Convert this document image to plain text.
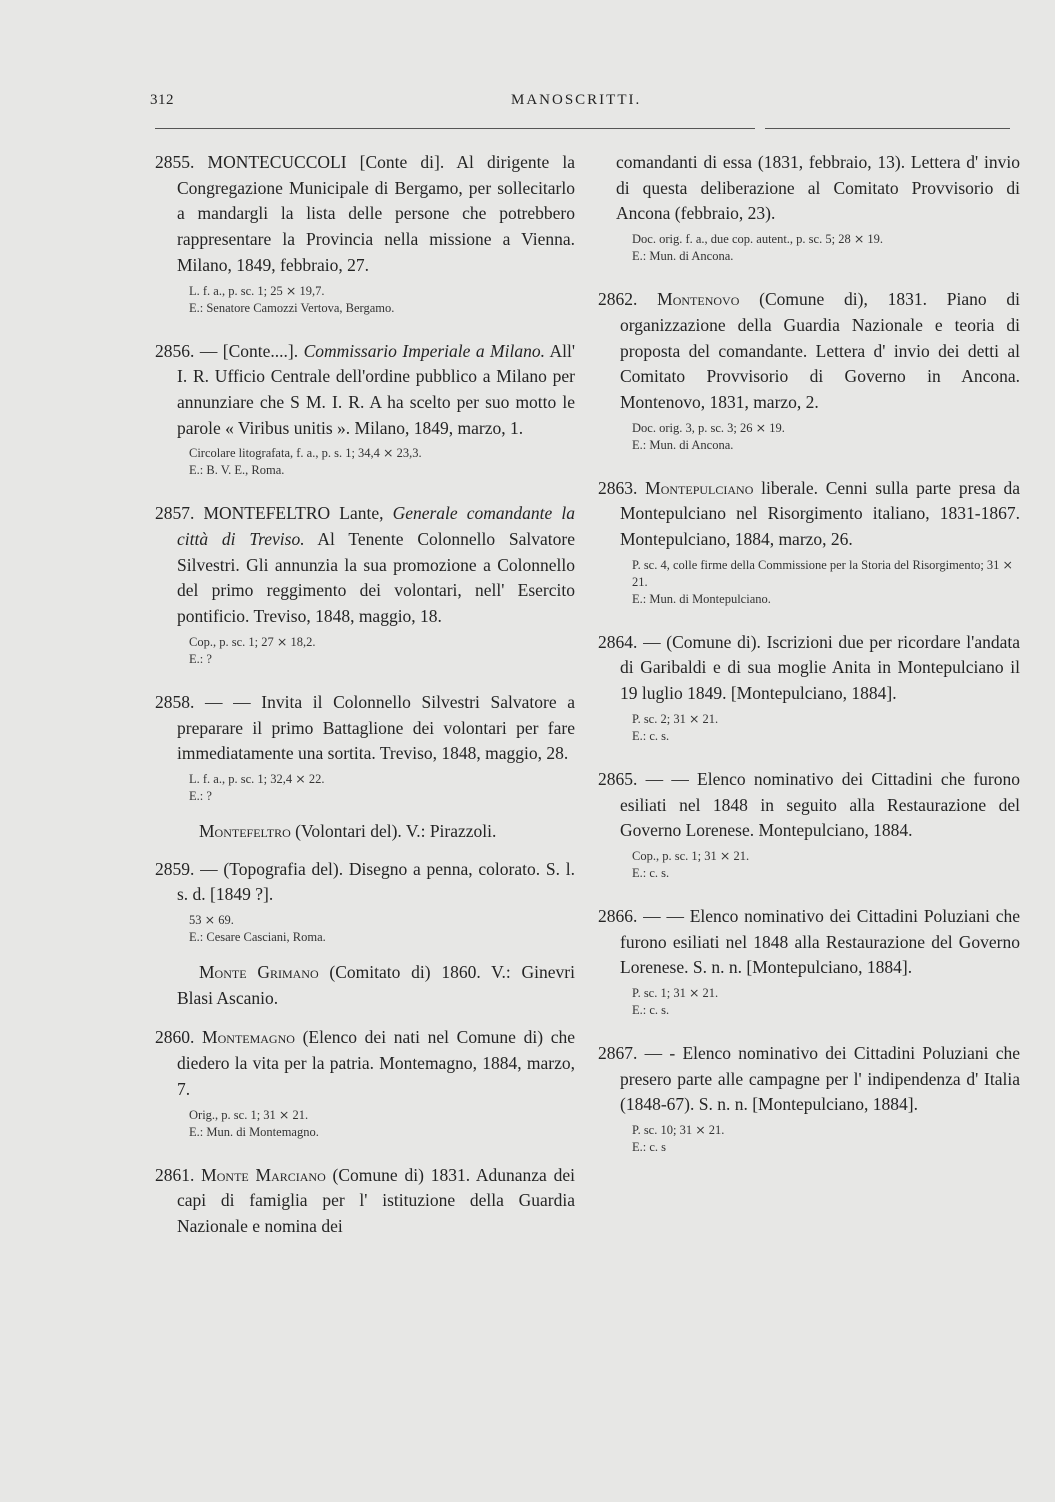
312	MANOSCRITTI.
2855. MONTECUCCOLI [Conte di]. Al dirigente la Congregazione Municipale di Bergamo, per sollecitarlo a mandargli la lista delle persone che potrebbero rappresentare la Provincia nella missione a Vienna. Milano, 1849, febbraio, 27.
L. f. a., p. sc. 1; 25 ⨯ 19,7.
E.: Senatore Camozzi Vertova, Bergamo.
2856. — [Conte....]. Commissario Imperiale a Milano. All' I. R. Ufficio Centrale dell'ordine pubblico a Milano per annunziare che S M. I. R. A ha scelto per suo motto le parole « Viribus unitis ». Milano, 1849, marzo, 1.
Circolare litografata, f. a., p. s. 1; 34,4 ⨯ 23,3.
E.: B. V. E., Roma.
2857. MONTEFELTRO Lante, Generale comandante la città di Treviso. Al Tenente Colonnello Salvatore Silvestri. Gli annunzia la sua promozione a Colonnello del primo reggimento dei volontari, nell' Esercito pontificio. Treviso, 1848, maggio, 18.
Cop., p. sc. 1; 27 ⨯ 18,2.
E.: ?
2858. — — Invita il Colonnello Silvestri Salvatore a preparare il primo Battaglione dei volontari per fare immediatamente una sortita. Treviso, 1848, maggio, 28.
L. f. a., p. sc. 1; 32,4 ⨯ 22.
E.: ?
Montefeltro (Volontari del). V.: Pirazzoli.
2859. — (Topografia del). Disegno a penna, colorato. S. l. s. d. [1849 ?].
53 ⨯ 69.
E.: Cesare Casciani, Roma.
Monte Grimano (Comitato di) 1860. V.: Ginevri Blasi Ascanio.
2860. Montemagno (Elenco dei nati nel Comune di) che diedero la vita per la patria. Montemagno, 1884, marzo, 7.
Orig., p. sc. 1; 31 ⨯ 21.
E.: Mun. di Montemagno.
2861. Monte Marciano (Comune di) 1831. Adunanza dei capi di famiglia per l' istituzione della Guardia Nazionale e nomina dei
comandanti di essa (1831, febbraio, 13). Lettera d' invio di questa deliberazione al Comitato Provvisorio di Ancona (febbraio, 23).
Doc. orig. f. a., due cop. autent., p. sc. 5; 28 ⨯ 19.
E.: Mun. di Ancona.
2862. Montenovo (Comune di), 1831. Piano di organizzazione della Guardia Nazionale e teoria di proposta del comandante. Lettera d' invio dei detti al Comitato Provvisorio di Governo in Ancona. Montenovo, 1831, marzo, 2.
Doc. orig. 3, p. sc. 3; 26 ⨯ 19.
E.: Mun. di Ancona.
2863. Montepulciano liberale. Cenni sulla parte presa da Montepulciano nel Risorgimento italiano, 1831-1867. Montepulciano, 1884, marzo, 26.
P. sc. 4, colle firme della Commissione per la Storia del Risorgimento; 31 ⨯ 21.
E.: Mun. di Montepulciano.
2864. — (Comune di). Iscrizioni due per ricordare l'andata di Garibaldi e di sua moglie Anita in Montepulciano il 19 luglio 1849. [Montepulciano, 1884].
P. sc. 2; 31 ⨯ 21.
E.: c. s.
2865. — — Elenco nominativo dei Cittadini che furono esiliati nel 1848 in seguito alla Restaurazione del Governo Lorenese. Montepulciano, 1884.
Cop., p. sc. 1; 31 ⨯ 21.
E.: c. s.
2866. — — Elenco nominativo dei Cittadini Poluziani che furono esiliati nel 1848 alla Restaurazione del Governo Lorenese. S. n. n. [Montepulciano, 1884].
P. sc. 1; 31 ⨯ 21.
E.: c. s.
2867. — - Elenco nominativo dei Cittadini Poluziani che presero parte alle campagne per l' indipendenza d' Italia (1848-67). S. n. n. [Montepulciano, 1884].
P. sc. 10; 31 ⨯ 21.
E.: c. s
